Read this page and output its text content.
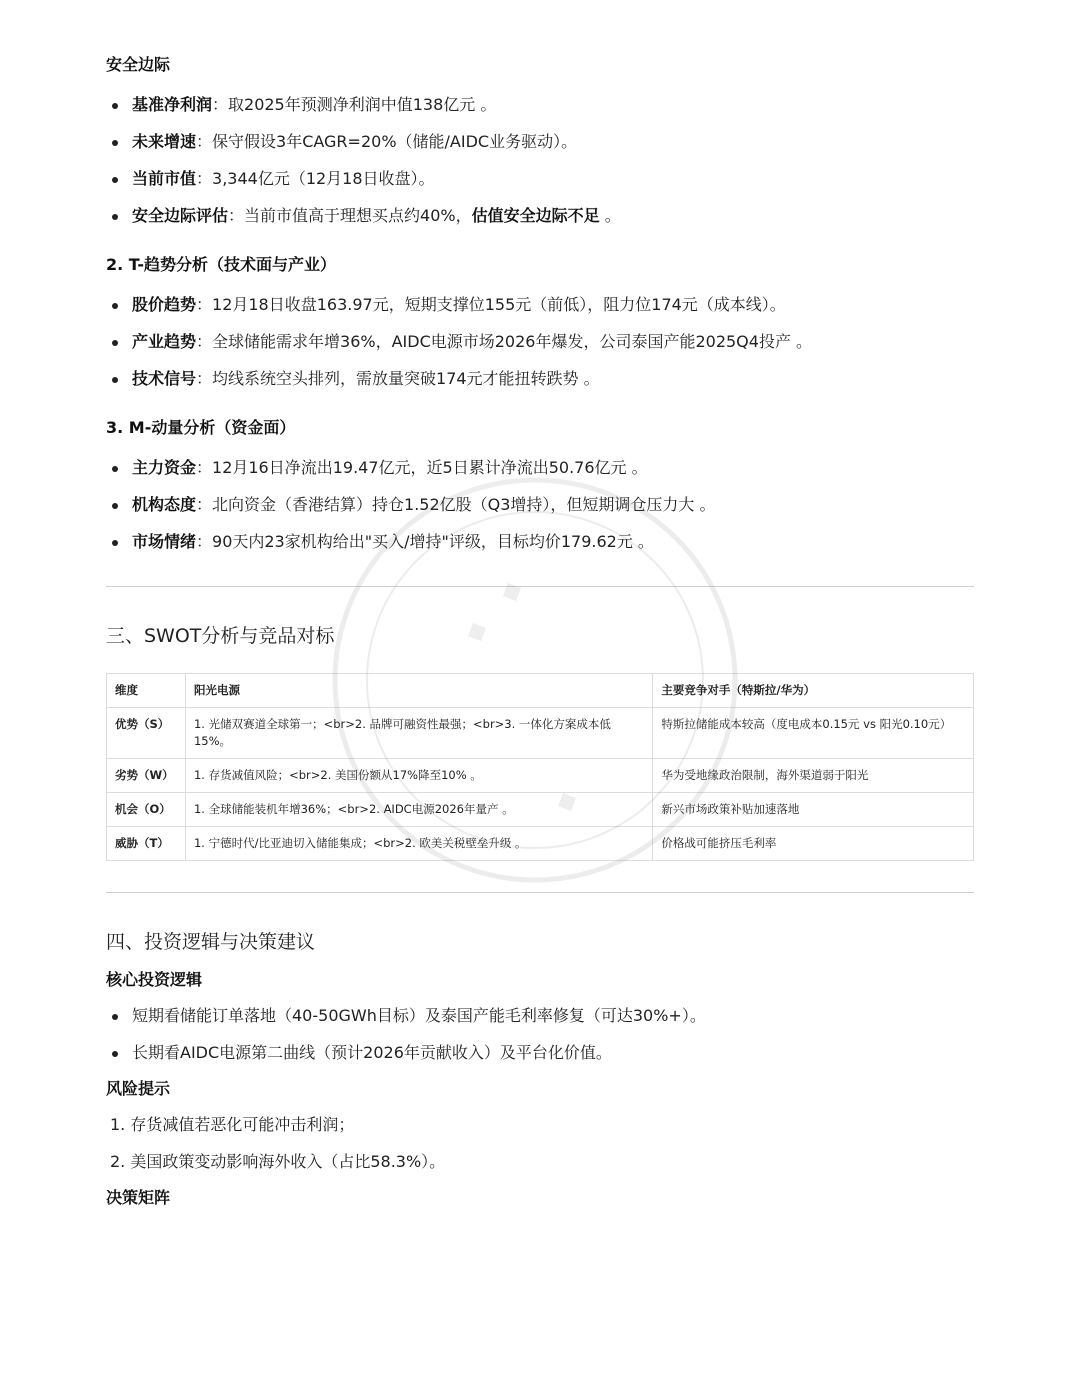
安全边际

基准净利润：取2025年预测净利润中值138亿元 。
未来增速：保守假设3年CAGR=20%（储能/AIDC业务驱动）。
当前市值：3,344亿元（12月18日收盘）。
安全边际评估：当前市值高于理想买点约40%，估值安全边际不足 。

2. T-趋势分析（技术面与产业）

股价趋势：12月18日收盘163.97元，短期支撑位155元（前低），阻力位174元（成本线）。
产业趋势：全球储能需求年增36%，AIDC电源市场2026年爆发，公司泰国产能2025Q4投产 。
技术信号：均线系统空头排列，需放量突破174元才能扭转跌势 。

3. M-动量分析（资金面）

主力资金：12月16日净流出19.47亿元，近5日累计净流出50.76亿元 。
机构态度：北向资金（香港结算）持仓1.52亿股（Q3增持），但短期调仓压力大 。
市场情绪：90天内23家机构给出"买入/增持"评级，目标均价179.62元 。
三、SWOT分析与竞品对标
维度	阳光电源	主要竞争对手（特斯拉/华为）
优势（S）	1. 光储双赛道全球第一；<br>2. 品牌可融资性最强；<br>3. 一体化方案成本低15%。	特斯拉储能成本较高（度电成本0.15元 vs 阳光0.10元）
劣势（W）	1. 存货减值风险；<br>2. 美国份额从17%降至10% 。	华为受地缘政治限制，海外渠道弱于阳光
机会（O）	1. 全球储能装机年增36%；<br>2. AIDC电源2026年量产 。	新兴市场政策补贴加速落地
威胁（T）	1. 宁德时代/比亚迪切入储能集成；<br>2. 欧美关税壁垒升级 。	价格战可能挤压毛利率
四、投资逻辑与决策建议

核心投资逻辑

短期看储能订单落地（40-50GWh目标）及泰国产能毛利率修复（可达30%+）。
长期看AIDC电源第二曲线（预计2026年贡献收入）及平台化价值。

风险提示

1. 存货减值若恶化可能冲击利润；
2. 美国政策变动影响海外收入（占比58.3%）。

决策矩阵
